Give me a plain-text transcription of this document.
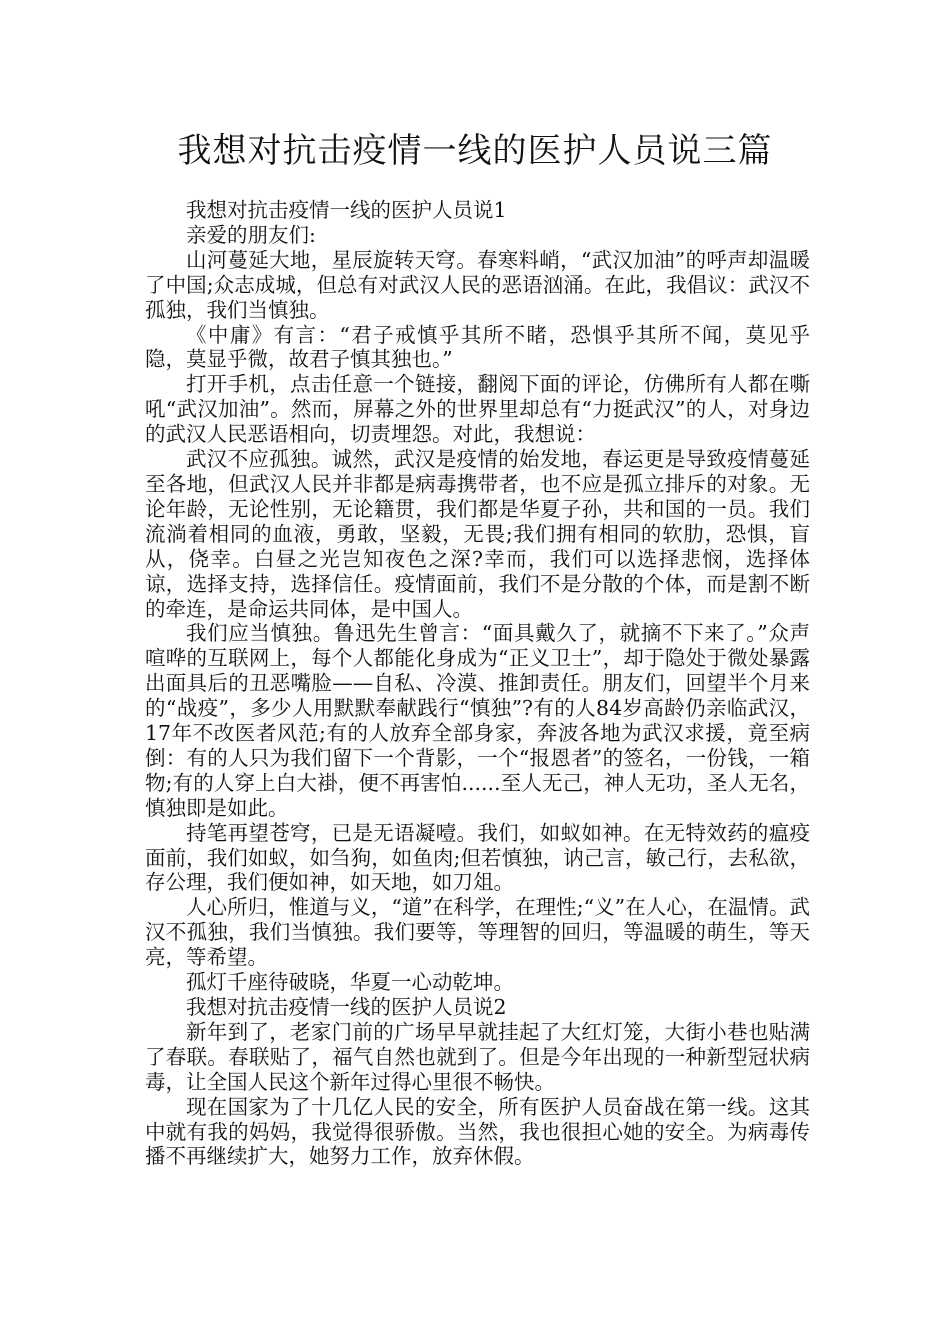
我想对抗击疫情一线的医护人员说三篇

我想对抗击疫情一线的医护人员说1

亲爱的朋友们:

山河蔓延大地，星辰旋转天穹。春寒料峭，“武汉加油”的呼声却温暖了中国;众志成城，但总有对武汉人民的恶语汹涌。在此，我倡议：武汉不孤独，我们当慎独。

《中庸》有言：“君子戒慎乎其所不睹，恐惧乎其所不闻，莫见乎隐，莫显乎微，故君子慎其独也。”

打开手机，点击任意一个链接，翻阅下面的评论，仿佛所有人都在嘶吼“武汉加油”。然而，屏幕之外的世界里却总有“力挺武汉”的人，对身边的武汉人民恶语相向，切责埋怨。对此，我想说：

武汉不应孤独。诚然，武汉是疫情的始发地，春运更是导致疫情蔓延至各地，但武汉人民并非都是病毒携带者，也不应是孤立排斥的对象。无论年龄，无论性别，无论籍贯，我们都是华夏子孙，共和国的一员。我们流淌着相同的血液，勇敢，坚毅，无畏;我们拥有相同的软肋，恐惧，盲从，侥幸。白昼之光岂知夜色之深?幸而，我们可以选择悲悯，选择体谅，选择支持，选择信任。疫情面前，我们不是分散的个体，而是割不断的牵连，是命运共同体，是中国人。

我们应当慎独。鲁迅先生曾言：“面具戴久了，就摘不下来了。”众声喧哗的互联网上，每个人都能化身成为“正义卫士”，却于隐处于微处暴露出面具后的丑恶嘴脸——自私、冷漠、推卸责任。朋友们，回望半个月来的“战疫”，多少人用默默奉献践行“慎独”?有的人84岁高龄仍亲临武汉，17年不改医者风范;有的人放弃全部身家，奔波各地为武汉求援，竟至病倒：有的人只为我们留下一个背影，一个“报恩者”的签名，一份钱，一箱物;有的人穿上白大褂，便不再害怕......至人无己，神人无功，圣人无名，慎独即是如此。

持笔再望苍穹，已是无语凝噎。我们，如蚁如神。在无特效药的瘟疫面前，我们如蚁，如刍狗，如鱼肉;但若慎独，讷己言，敏己行，去私欲，存公理，我们便如神，如天地，如刀俎。

人心所归，惟道与义，“道”在科学，在理性;“义”在人心，在温情。武汉不孤独，我们当慎独。我们要等，等理智的回归，等温暖的萌生，等天亮，等希望。

孤灯千座待破晓，华夏一心动乾坤。

我想对抗击疫情一线的医护人员说2

新年到了，老家门前的广场早早就挂起了大红灯笼，大街小巷也贴满了春联。春联贴了，福气自然也就到了。但是今年出现的一种新型冠状病毒，让全国人民这个新年过得心里很不畅快。

现在国家为了十几亿人民的安全，所有医护人员奋战在第一线。这其中就有我的妈妈，我觉得很骄傲。当然，我也很担心她的安全。为病毒传播不再继续扩大，她努力工作，放弃休假。
